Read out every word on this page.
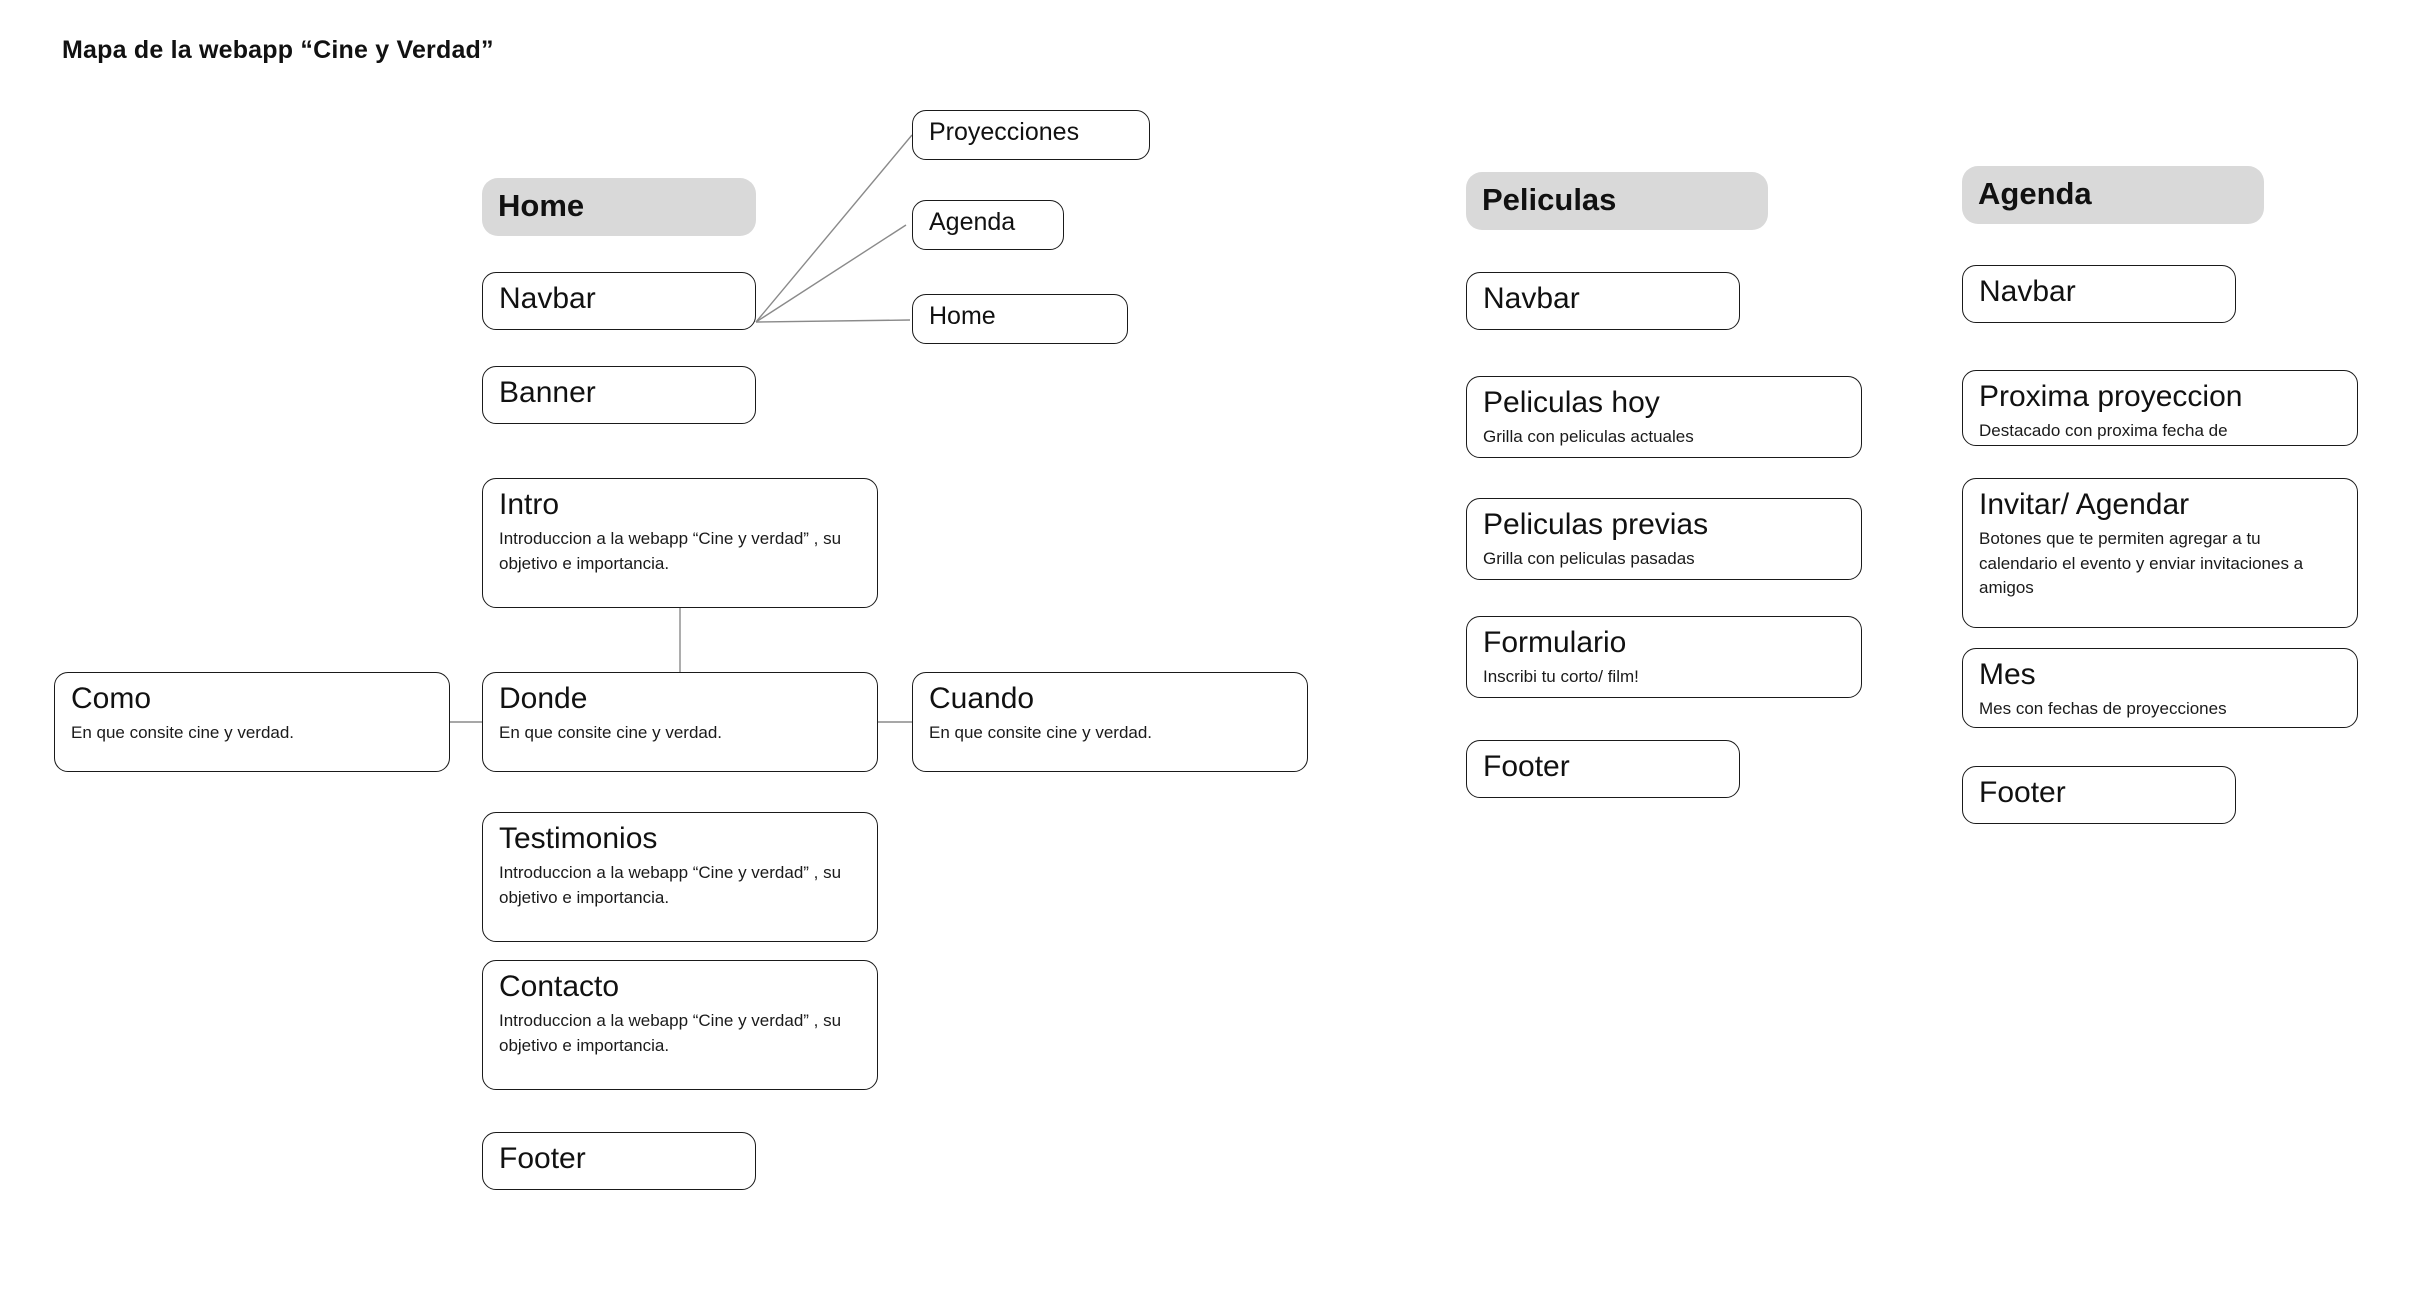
Mapa de la webapp “Cine y Verdad”
Home
Navbar
Banner
Intro
Introduccion a la webapp “Cine y verdad” , su objetivo e importancia.
Donde
En que consite cine y verdad.
Como
En que consite cine y verdad.
Cuando
En que consite cine y verdad.
Testimonios
Introduccion a la webapp “Cine y verdad” , su objetivo e importancia.
Contacto
Introduccion a la webapp “Cine y verdad” , su objetivo e importancia.
Footer
Proyecciones
Agenda
Home
Peliculas
Navbar
Peliculas hoy
Grilla con peliculas actuales
Peliculas previas
Grilla con peliculas pasadas
Formulario
Inscribi tu corto/ film!
Footer
Agenda
Navbar
Proxima proyeccion
Destacado con proxima fecha de
Invitar/ Agendar
Botones que te permiten agregar a tu calendario el evento y enviar invitaciones a amigos
Mes
Mes con fechas de proyecciones
Footer
